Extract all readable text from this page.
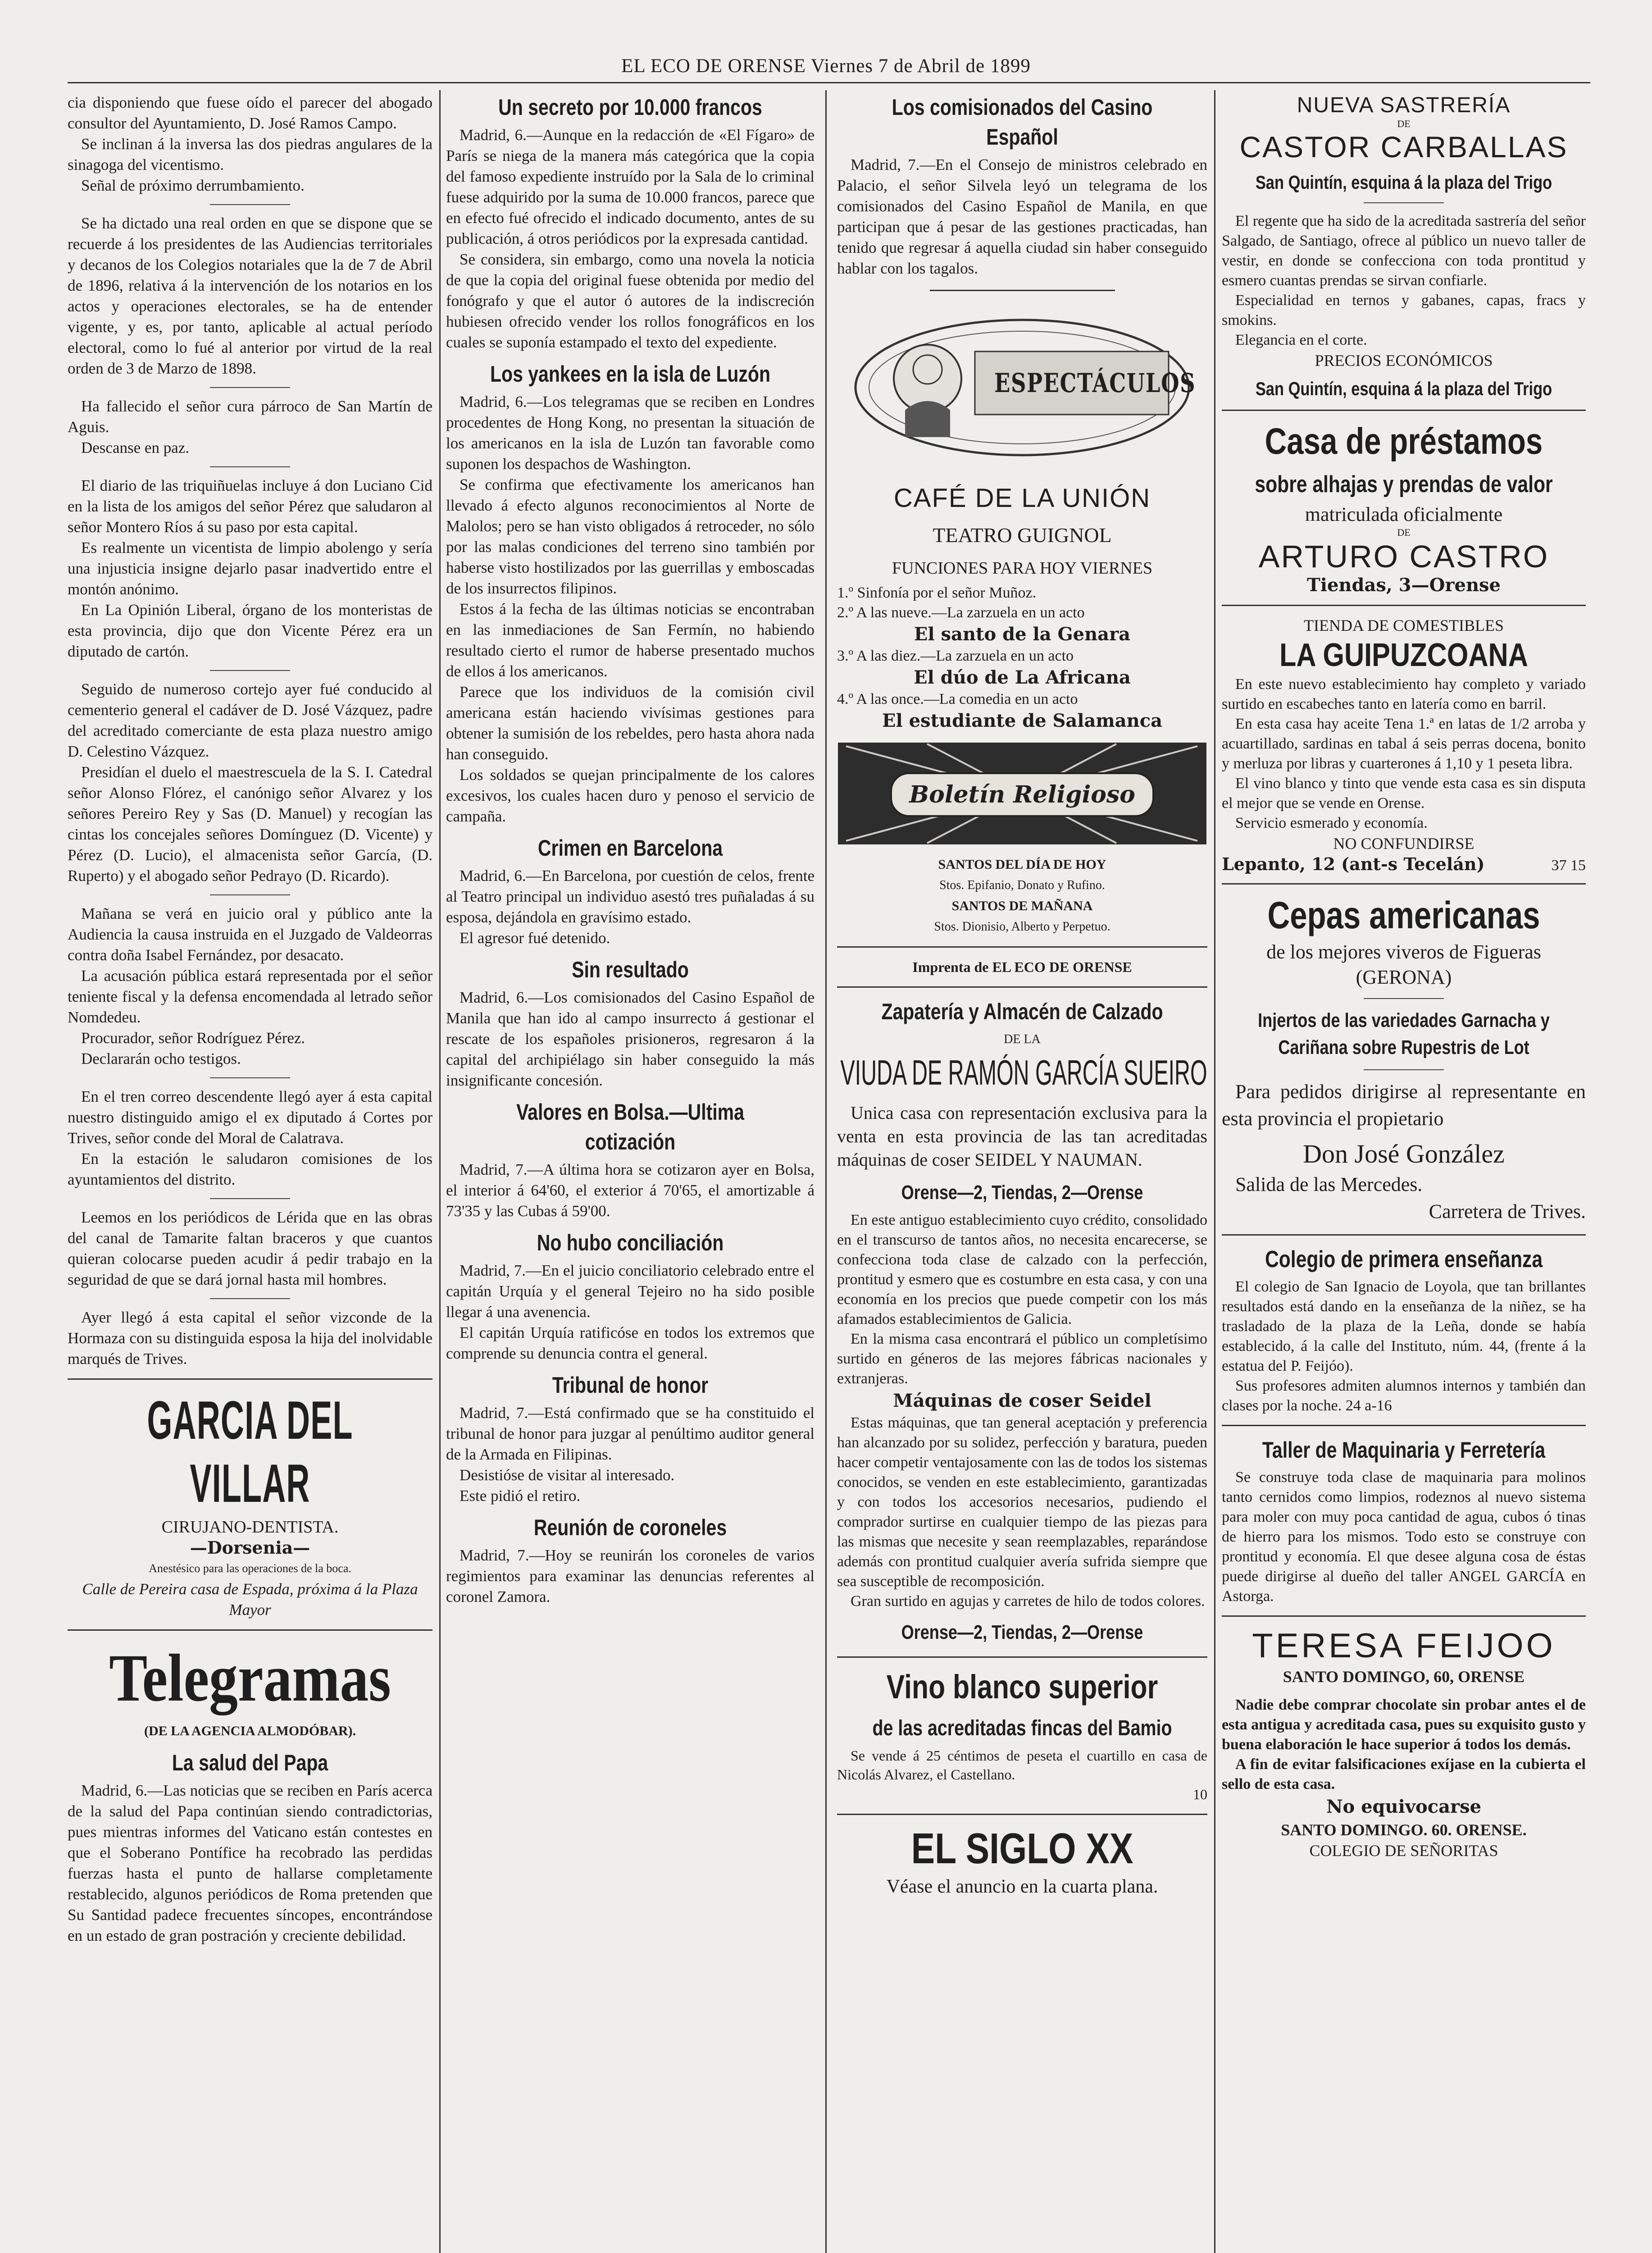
EL ECO DE ORENSE Viernes 7 de Abril de 1899

cia disponiendo que fuese oído el parecer del abogado consultor del Ayuntamiento, D. José Ramos Campo.

Se inclinan á la inversa las dos piedras angulares de la sinagoga del vicentismo.

Señal de próximo derrumbamiento.

Se ha dictado una real orden en que se dispone que se recuerde á los presidentes de las Audiencias territoriales y decanos de los Colegios notariales que la de 7 de Abril de 1896, relativa á la intervención de los notarios en los actos y operaciones electorales, se ha de entender vigente, y es, por tanto, aplicable al actual período electoral, como lo fué al anterior por virtud de la real orden de 3 de Marzo de 1898.

Ha fallecido el señor cura párroco de San Martín de Aguis.

Descanse en paz.

El diario de las triquiñuelas incluye á don Luciano Cid en la lista de los amigos del señor Pérez que saludaron al señor Montero Ríos á su paso por esta capital.

Es realmente un vicentista de limpio abolengo y sería una injusticia insigne dejarlo pasar inadvertido entre el montón anónimo.

En La Opinión Liberal, órgano de los monteristas de esta provincia, dijo que don Vicente Pérez era un diputado de cartón.

Seguido de numeroso cortejo ayer fué conducido al cementerio general el cadáver de D. José Vázquez, padre del acreditado comerciante de esta plaza nuestro amigo D. Celestino Vázquez.

Presidían el duelo el maestrescuela de la S. I. Catedral señor Alonso Flórez, el canónigo señor Alvarez y los señores Pereiro Rey y Sas (D. Manuel) y recogían las cintas los concejales señores Domínguez (D. Vicente) y Pérez (D. Lucio), el almacenista señor García, (D. Ruperto) y el abogado señor Pedrayo (D. Ricardo).

Mañana se verá en juicio oral y público ante la Audiencia la causa instruida en el Juzgado de Valdeorras contra doña Isabel Fernández, por desacato.

La acusación pública estará representada por el señor teniente fiscal y la defensa encomendada al letrado señor Nomdedeu.

Procurador, señor Rodríguez Pérez.

Declararán ocho testigos.

En el tren correo descendente llegó ayer á esta capital nuestro distinguido amigo el ex diputado á Cortes por Trives, señor conde del Moral de Calatrava.

En la estación le saludaron comisiones de los ayuntamientos del distrito.

Leemos en los periódicos de Lérida que en las obras del canal de Tamarite faltan braceros y que cuantos quieran colocarse pueden acudir á pedir trabajo en la seguridad de que se dará jornal hasta mil hombres.

Ayer llegó á esta capital el señor vizconde de la Hormaza con su distinguida esposa la hija del inolvidable marqués de Trives.

GARCIA DEL VILLAR

CIRUJANO-DENTISTA.

—Dorsenia—

Anestésico para las operaciones de la boca.

Calle de Pereira casa de Espada, próxima á la Plaza Mayor

Telegramas

(DE LA AGENCIA ALMODÓBAR).

La salud del Papa

Madrid, 6.—Las noticias que se reciben en París acerca de la salud del Papa continúan siendo contradictorias, pues mientras informes del Vaticano están contestes en que el Soberano Pontífice ha recobrado las perdidas fuerzas hasta el punto de hallarse completamente restablecido, algunos periódicos de Roma pretenden que Su Santidad padece frecuentes síncopes, encontrándose en un estado de gran postración y creciente debilidad.

Un secreto por 10.000 francos

Madrid, 6.—Aunque en la redacción de «El Fígaro» de París se niega de la manera más categórica que la copia del famoso expediente instruído por la Sala de lo criminal fuese adquirido por la suma de 10.000 francos, parece que en efecto fué ofrecido el indicado documento, antes de su publicación, á otros periódicos por la expresada cantidad.

Se considera, sin embargo, como una novela la noticia de que la copia del original fuese obtenida por medio del fonógrafo y que el autor ó autores de la indiscreción hubiesen ofrecido vender los rollos fonográficos en los cuales se suponía estampado el texto del expediente.

Los yankees en la isla de Luzón

Madrid, 6.—Los telegramas que se reciben en Londres procedentes de Hong Kong, no presentan la situación de los americanos en la isla de Luzón tan favorable como suponen los despachos de Washington.

Se confirma que efectivamente los americanos han llevado á efecto algunos reconocimientos al Norte de Malolos; pero se han visto obligados á retroceder, no sólo por las malas condiciones del terreno sino también por haberse visto hostilizados por las guerrillas y emboscadas de los insurrectos filipinos.

Estos á la fecha de las últimas noticias se encontraban en las inmediaciones de San Fermín, no habiendo resultado cierto el rumor de haberse presentado muchos de ellos á los americanos.

Parece que los individuos de la comisión civil americana están haciendo vivísimas gestiones para obtener la sumisión de los rebeldes, pero hasta ahora nada han conseguido.

Los soldados se quejan principalmente de los calores excesivos, los cuales hacen duro y penoso el servicio de campaña.

Crimen en Barcelona

Madrid, 6.—En Barcelona, por cuestión de celos, frente al Teatro principal un individuo asestó tres puñaladas á su esposa, dejándola en gravísimo estado.

El agresor fué detenido.

Sin resultado

Madrid, 6.—Los comisionados del Casino Español de Manila que han ido al campo insurrecto á gestionar el rescate de los españoles prisioneros, regresaron á la capital del archipiélago sin haber conseguido la más insignificante concesión.

Valores en Bolsa.—Ultima cotización

Madrid, 7.—A última hora se cotizaron ayer en Bolsa, el interior á 64'60, el exterior á 70'65, el amortizable á 73'35 y las Cubas á 59'00.

No hubo conciliación

Madrid, 7.—En el juicio conciliatorio celebrado entre el capitán Urquía y el general Tejeiro no ha sido posible llegar á una avenencia.

El capitán Urquía ratificóse en todos los extremos que comprende su denuncia contra el general.

Tribunal de honor

Madrid, 7.—Está confirmado que se ha constituido el tribunal de honor para juzgar al penúltimo auditor general de la Armada en Filipinas.

Desistióse de visitar al interesado.

Este pidió el retiro.

Reunión de coroneles

Madrid, 7.—Hoy se reunirán los coroneles de varios regimientos para examinar las denuncias referentes al coronel Zamora.

Los comisionados del Casino Español

Madrid, 7.—En el Consejo de ministros celebrado en Palacio, el señor Silvela leyó un telegrama de los comisionados del Casino Español de Manila, en que participan que á pesar de las gestiones practicadas, han tenido que regresar á aquella ciudad sin haber conseguido hablar con los tagalos.

ESPECTÁCULOS

CAFÉ DE LA UNIÓN

TEATRO GUIGNOL

FUNCIONES PARA HOY VIERNES

1.º Sinfonía por el señor Muñoz.

2.º A las nueve.—La zarzuela en un acto

El santo de la Genara

3.º A las diez.—La zarzuela en un acto

El dúo de La Africana

4.º A las once.—La comedia en un acto

El estudiante de Salamanca

Boletín Religioso

SANTOS DEL DÍA DE HOY

Stos. Epifanio, Donato y Rufino.

SANTOS DE MAÑANA

Stos. Dionisio, Alberto y Perpetuo.

Imprenta de EL ECO DE ORENSE

Zapatería y Almacén de Calzado

DE LA

VIUDA DE RAMÓN GARCÍA SUEIRO

Unica casa con representación exclusiva para la venta en esta provincia de las tan acreditadas máquinas de coser SEIDEL Y NAUMAN.

Orense—2, Tiendas, 2—Orense

En este antiguo establecimiento cuyo crédito, consolidado en el transcurso de tantos años, no necesita encarecerse, se confecciona toda clase de calzado con la perfección, prontitud y esmero que es costumbre en esta casa, y con una economía en los precios que puede competir con los más afamados establecimientos de Galicia.

En la misma casa encontrará el público un completísimo surtido en géneros de las mejores fábricas nacionales y extranjeras.

Máquinas de coser Seidel

Estas máquinas, que tan general aceptación y preferencia han alcanzado por su solidez, perfección y baratura, pueden hacer competir ventajosamente con las de todos los sistemas conocidos, se venden en este establecimiento, garantizadas y con todos los accesorios necesarios, pudiendo el comprador surtirse en cualquier tiempo de las piezas para las mismas que necesite y sean reemplazables, reparándose además con prontitud cualquier avería sufrida siempre que sea susceptible de recomposición.

Gran surtido en agujas y carretes de hilo de todos colores.

Orense—2, Tiendas, 2—Orense
Vino blanco superior
de las acreditadas fincas del Bamio

Se vende á 25 céntimos de peseta el cuartillo en casa de Nicolás Alvarez, el Castellano.

10

EL SIGLO XX

Véase el anuncio en la cuarta plana.

NUEVA SASTRERÍA

DE

CASTOR CARBALLAS

San Quintín, esquina á la plaza del Trigo

El regente que ha sido de la acreditada sastrería del señor Salgado, de Santiago, ofrece al público un nuevo taller de vestir, en donde se confecciona con toda prontitud y esmero cuantas prendas se sirvan confiarle.

Especialidad en ternos y gabanes, capas, fracs y smokins.

Elegancia en el corte.

PRECIOS ECONÓMICOS

San Quintín, esquina á la plaza del Trigo
Casa de préstamos
sobre alhajas y prendas de valor

matriculada oficialmente

DE

ARTURO CASTRO

Tiendas, 3—Orense

TIENDA DE COMESTIBLES

LA GUIPUZCOANA

En este nuevo establecimiento hay completo y variado surtido en escabeches tanto en latería como en barril.

En esta casa hay aceite Tena 1.ª en latas de 1/2 arroba y acuartillado, sardinas en tabal á seis perras docena, bonito y merluza por libras y cuarterones á 1,10 y 1 peseta libra.

El vino blanco y tinto que vende esta casa es sin disputa el mejor que se vende en Orense.

Servicio esmerado y economía.

NO CONFUNDIRSE

Lepanto, 12 (ant-s Tecelán)	37 15
Cepas americanas

de los mejores viveros de Figueras

(GERONA)

Injertos de las variedades Garnacha y Cariñana sobre Rupestris de Lot

Para pedidos dirigirse al representante en esta provincia el propietario

Don José González

Salida de las Mercedes.

Carretera de Trives.

Colegio de primera enseñanza

El colegio de San Ignacio de Loyola, que tan brillantes resultados está dando en la enseñanza de la niñez, se ha trasladado de la plaza de la Leña, donde se había establecido, á la calle del Instituto, núm. 44, (frente á la estatua del P. Feijóo).

Sus profesores admiten alumnos internos y también dan clases por la noche. 24 a-16

Taller de Maquinaria y Ferretería

Se construye toda clase de maquinaria para molinos tanto cernidos como limpios, rodeznos al nuevo sistema para moler con muy poca cantidad de agua, cubos ó tinas de hierro para los mismos. Todo esto se construye con prontitud y economía. El que desee alguna cosa de éstas puede dirigirse al dueño del taller ANGEL GARCÍA en Astorga.

TERESA FEIJOO

SANTO DOMINGO, 60, ORENSE

Nadie debe comprar chocolate sin probar antes el de esta antigua y acreditada casa, pues su exquisito gusto y buena elaboración le hace superior á todos los demás.

A fin de evitar falsificaciones exíjase en la cubierta el sello de esta casa.

No equivocarse

SANTO DOMINGO. 60. ORENSE.

COLEGIO DE SEÑORITAS
